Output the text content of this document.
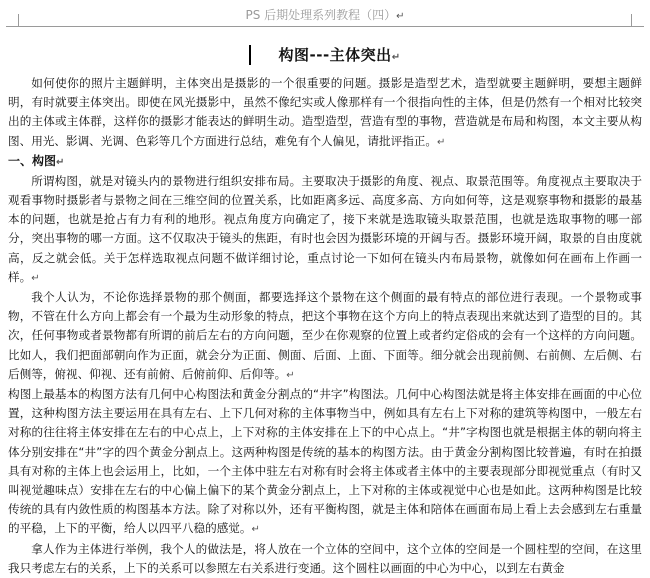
PS 后期处理系列教程（四）↵
构图---主体突出↵

如何使你的照片主题鲜明，主体突出是摄影的一个很重要的问题。摄影是造型艺术，造型就要主题鲜明，要想主题鲜明，有时就要主体突出。即使在风光摄影中，虽然不像纪实或人像那样有一个很指向性的主体，但是仍然有一个相对比较突出的主体或主体群，这样你的摄影才能表达的鲜明生动。造型造型，营造有型的事物，营造就是布局和构图，本文主要从构图、用光、影调、光调、色彩等几个方面进行总结，难免有个人偏见，请批评指正。↵

一、构图↵

所谓构图，就是对镜头内的景物进行组织安排布局。主要取决于摄影的角度、视点、取景范围等。角度视点主要取决于观看事物时摄影者与景物之间在三维空间的位置关系，比如距离多远、高度多高、方向如何等，这是观察事物和摄影的最基本的问题，也就是抢占有力有利的地形。视点角度方向确定了，接下来就是选取镜头取景范围，也就是选取事物的哪一部分，突出事物的哪一方面。这不仅取决于镜头的焦距，有时也会因为摄影环境的开阔与否。摄影环境开阔，取景的自由度就高，反之就会低。关于怎样选取视点问题不做详细讨论，重点讨论一下如何在镜头内布局景物，就像如何在画布上作画一样。↵

我个人认为，不论你选择景物的那个侧面，都要选择这个景物在这个侧面的最有特点的部位进行表现。一个景物或事物，不管在什么方向上都会有一个最为生动形象的特点，把这个事物在这个方向上的特点表现出来就达到了造型的目的。其次，任何事物或者景物都有所谓的前后左右的方向问题，至少在你观察的位置上或者约定俗成的会有一个这样的方向问题。比如人，我们把面部朝向作为正面，就会分为正面、侧面、后面、上面、下面等。细分就会出现前侧、右前侧、左后侧、右后侧等，俯视、仰视、还有前俯、后俯前仰、后仰等。↵

构图上最基本的构图方法有几何中心构图法和黄金分割点的“井字”构图法。几何中心构图法就是将主体安排在画面的中心位置，这种构图方法主要运用在具有左右、上下几何对称的主体事物当中，例如具有左右上下对称的建筑等构图中，一般左右对称的往往将主体安排在左右的中心点上，上下对称的主体安排在上下的中心点上。“井”字构图也就是根据主体的朝向将主体分别安排在“井”字的四个黄金分割点上。这两种构图是传统的基本的构图方法。由于黄金分割构图比较普遍，有时在拍摄具有对称的主体上也会运用上，比如，一个主体中驻左右对称有时会将主体或者主体中的主要表现部分即视觉重点（有时又叫视觉趣味点）安排在左右的中心偏上偏下的某个黄金分割点上，上下对称的主体或视觉中心也是如此。这两种构图是比较传统的具有内敛性质的构图基本方法。除了对称以外，还有平衡构图，就是主体和陪体在画面布局上看上去会感到左右重量的平稳，上下的平衡，给人以四平八稳的感觉。↵

拿人作为主体进行举例，我个人的做法是，将人放在一个立体的空间中，这个立体的空间是一个圆柱型的空间，在这里我只考虑左右的关系，上下的关系可以参照左右关系进行变通。这个圆柱以画面的中心为中心，以到左右黄金
